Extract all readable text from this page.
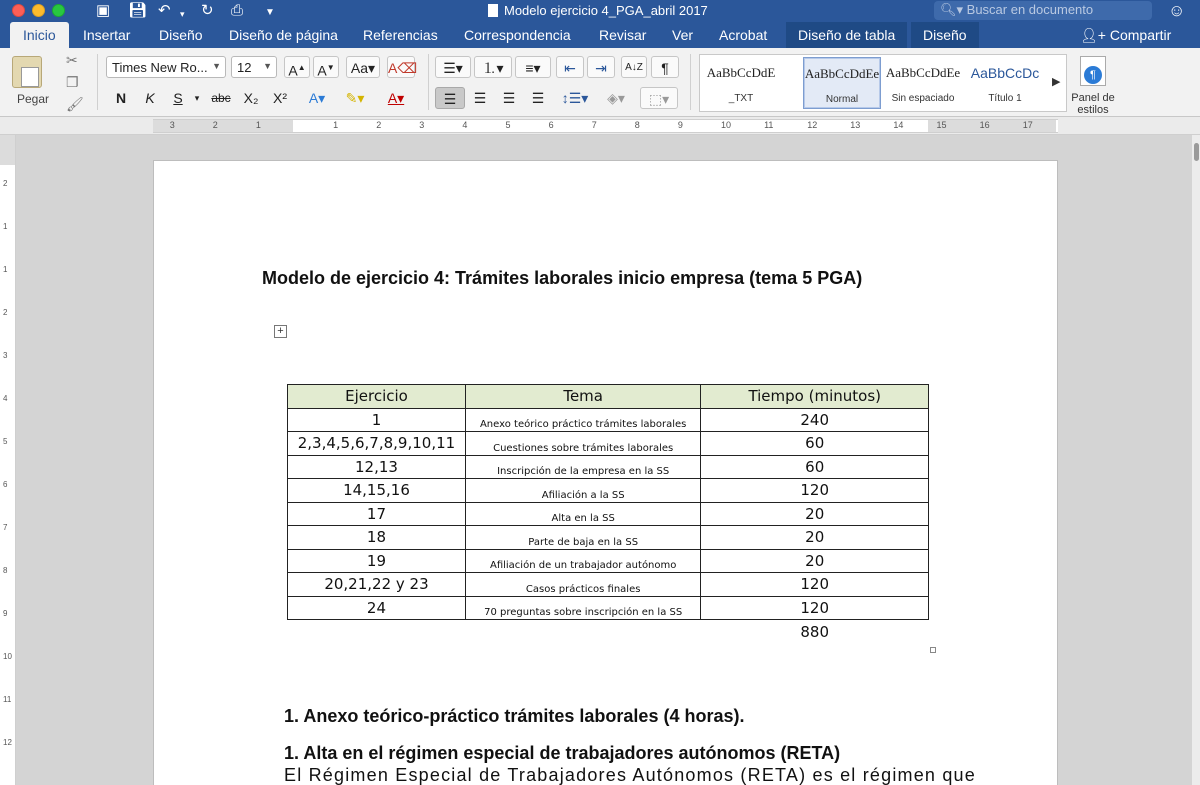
▣ 💾︎ ↶ ▾ ↻ ⎙ ▼	Modelo ejercicio 4_PGA_abril 2017	🔍︎▾ Buscar en documento	☺
Inicio	Insertar Diseño Diseño de página Referencias Correspondencia Revisar Ver Acrobat	Diseño de tabla	Diseño	👤︎+ Compartir
Pegar
✂
❐
🖌︎
Times New Ro... ▼	12 ▼	A▲ A▼	Aa▾ A⌫
N	K	S	▾	abc X₂	X²	A▾	✎▾	A▾
☰▾	⒈▾	≡▾	⇤	⇥	A↓Z	¶
☰	☰	☰	☰	↕☰▾	◈▾	⬚▾
AaBbCcDdE
_TXT
AaBbCcDdEe
Normal
AaBbCcDdEe
Sin espaciado
AaBbCcDc
Título 1
▶
¶
Panel de estilos
3	2	1	1	2	3	4	5	6	7	8	9	10	11	12	13	14	15	16	17
2
1
1
2
3
4
5
6
7
8
9
10
11
12
Modelo de ejercicio 4: Trámites laborales inicio empresa (tema 5 PGA)
+
Ejercicio	Tema	Tiempo (minutos)
1	Anexo teórico práctico trámites laborales	240
2,3,4,5,6,7,8,9,10,11	Cuestiones sobre trámites laborales	60
12,13	Inscripción de la empresa en la SS	60
14,15,16	Afiliación a la SS	120
17	Alta en la SS	20
18	Parte de baja en la SS	20
19	Afiliación de un trabajador autónomo	20
20,21,22 y 23	Casos prácticos finales	120
24	70 preguntas sobre inscripción en la SS	120
		880
1. Anexo teórico-práctico trámites laborales (4 horas).
1. Alta en el régimen especial de trabajadores autónomos (RETA)
El Régimen Especial de Trabajadores Autónomos (RETA) es el régimen que
